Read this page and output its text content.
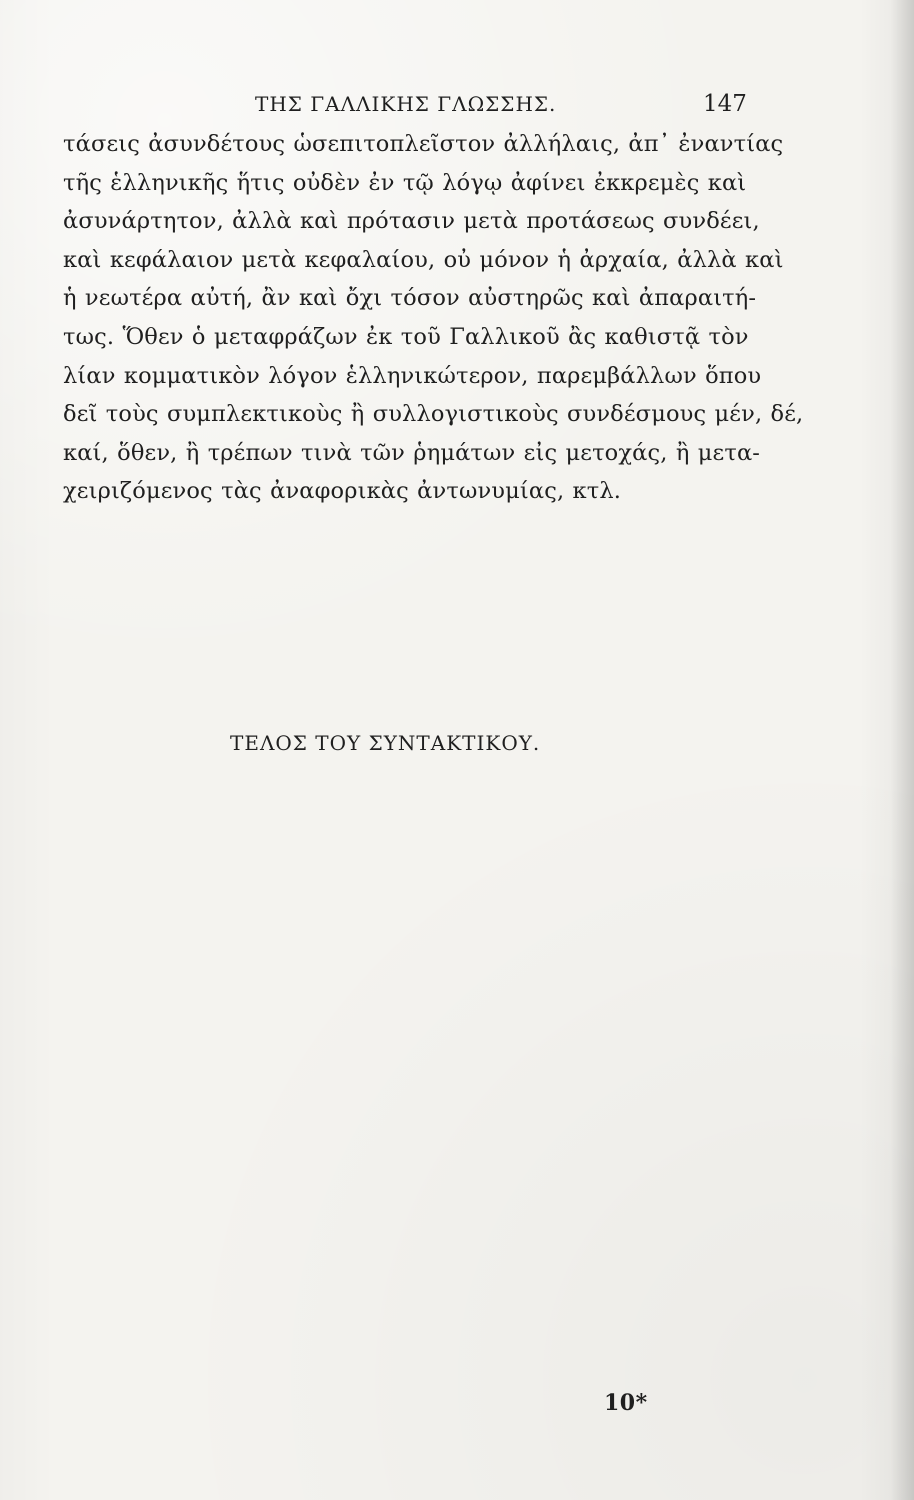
ΤΗΣ ΓΑΛΛΙΚΗΣ ΓΛΩΣΣΗΣ.	147
τάσεις ἀσυνδέτους ὡσεπιτοπλεῖστον ἀλλήλαις, ἀπ᾽ ἐναντίας
τῆς ἑλληνικῆς ἥτις οὐδὲν ἐν τῷ λόγῳ ἀφίνει ἐκκρεμὲς καὶ
ἀσυνάρτητον, ἀλλὰ καὶ πρότασιν μετὰ προτάσεως συνδέει,
καὶ κεφάλαιον μετὰ κεφαλαίου, οὐ μόνον ἡ ἀρχαία, ἀλλὰ καὶ
ἡ νεωτέρα αὐτή, ἂν καὶ ὄχι τόσον αὐστηρῶς καὶ ἀπαραιτή-
τως. Ὅθεν ὁ μεταφράζων ἐκ τοῦ Γαλλικοῦ ἂς καθιστᾷ τὸν
λίαν κομματικὸν λόγον ἑλληνικώτερον, παρεμβάλλων ὅπου
δεῖ τοὺς συμπλεκτικοὺς ἢ συλλογιστικοὺς συνδέσμους μέν, δέ,
καί, ὅθεν, ἢ τρέπων τινὰ τῶν ῥημάτων εἰς μετοχάς, ἢ μετα-
χειριζόμενος τὰς ἀναφορικὰς ἀντωνυμίας, κτλ.
ΤΕΛΟΣ ΤΟΥ ΣΥΝΤΑΚΤΙΚΟΥ.
10*
